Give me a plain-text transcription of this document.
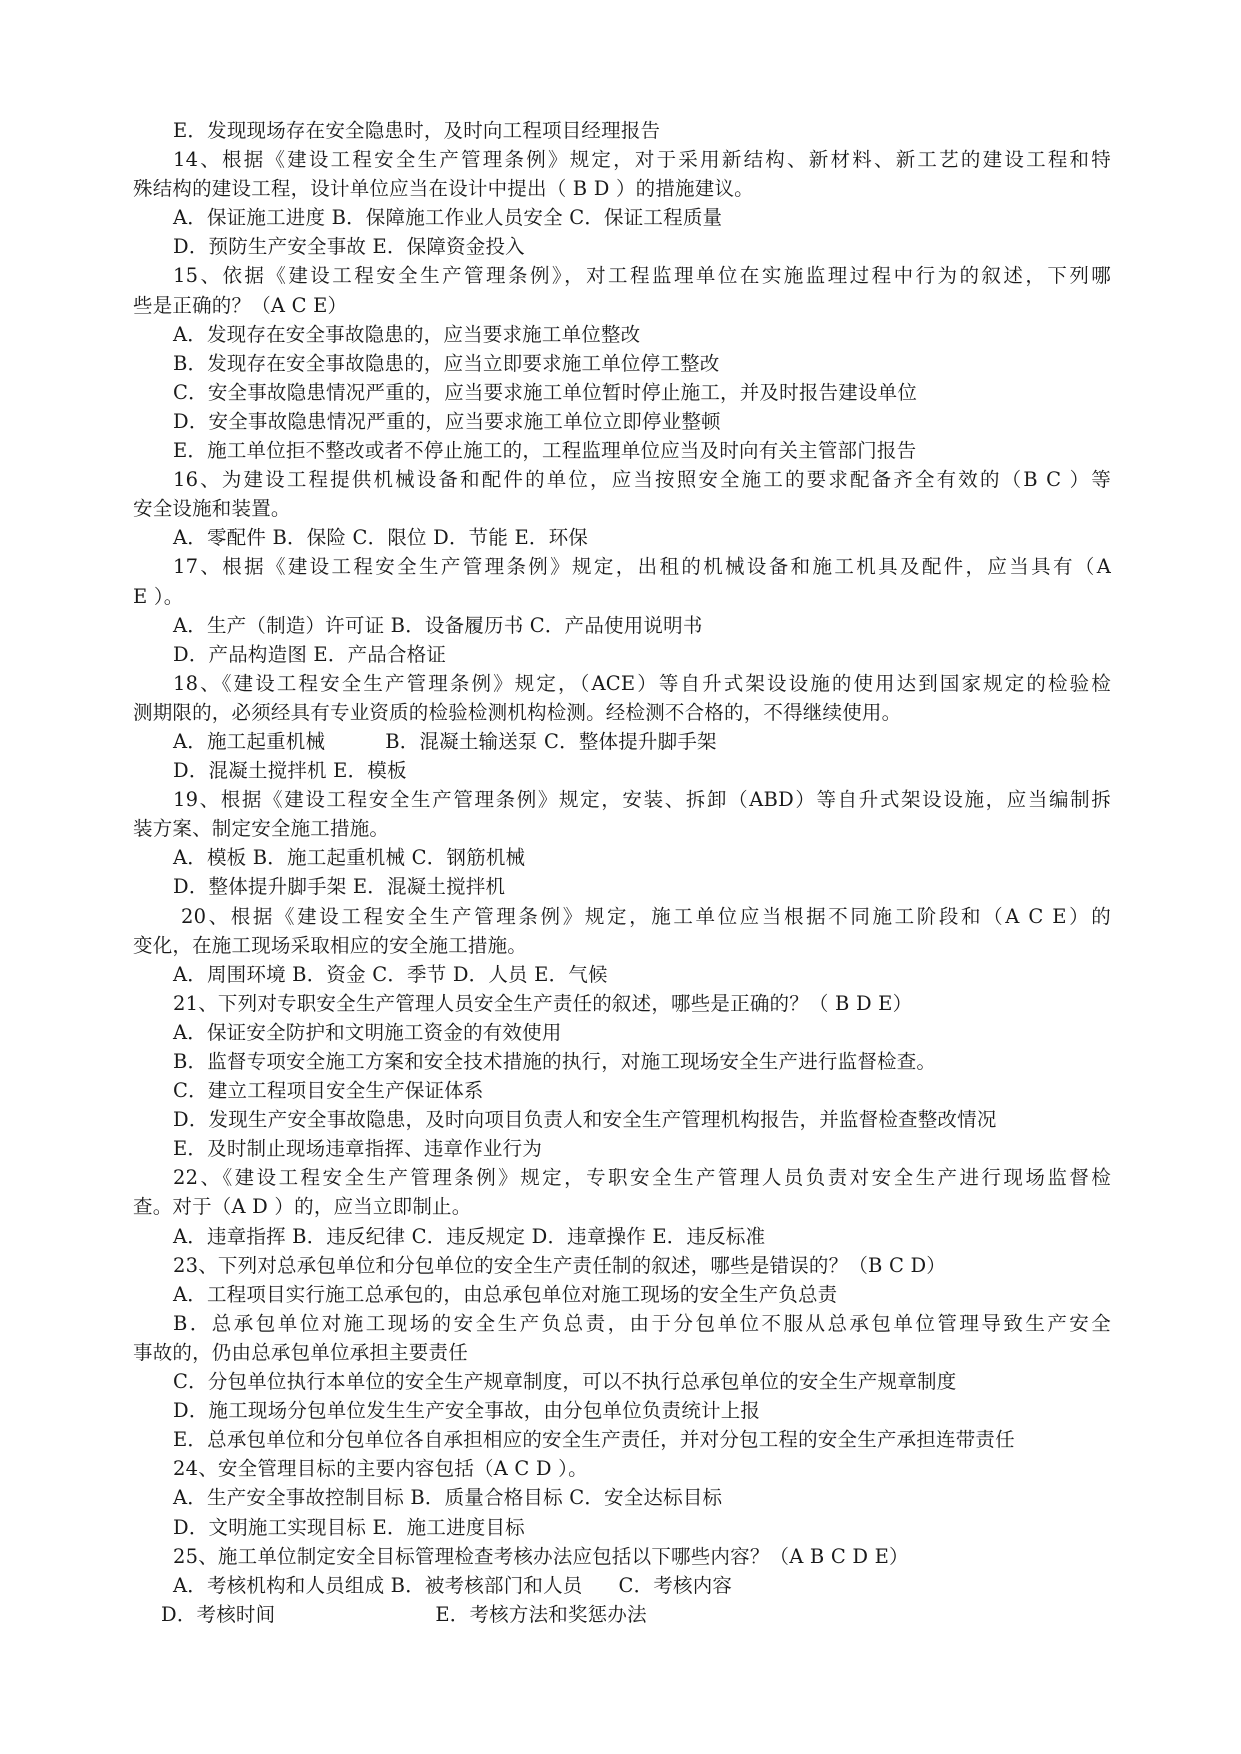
E．发现现场存在安全隐患时，及时向工程项目经理报告
14、根据《建设工程安全生产管理条例》规定，对于采用新结构、新材料、新工艺的建设工程和特
殊结构的建设工程，设计单位应当在设计中提出（ B D ）的措施建议。
A．保证施工进度 B．保障施工作业人员安全 C．保证工程质量
D．预防生产安全事故 E．保障资金投入
15、依据《建设工程安全生产管理条例》，对工程监理单位在实施监理过程中行为的叙述，下列哪
些是正确的？（A C E）
A．发现存在安全事故隐患的，应当要求施工单位整改
B．发现存在安全事故隐患的，应当立即要求施工单位停工整改
C．安全事故隐患情况严重的，应当要求施工单位暂时停止施工，并及时报告建设单位
D．安全事故隐患情况严重的，应当要求施工单位立即停业整顿
E．施工单位拒不整改或者不停止施工的，工程监理单位应当及时向有关主管部门报告
16、为建设工程提供机械设备和配件的单位，应当按照安全施工的要求配备齐全有效的（B C ）等
安全设施和装置。
A．零配件 B．保险 C．限位 D．节能 E．环保
17、根据《建设工程安全生产管理条例》规定，出租的机械设备和施工机具及配件，应当具有（A
E ）。
A．生产（制造）许可证 B．设备履历书 C．产品使用说明书
D．产品构造图 E．产品合格证
18、《建设工程安全生产管理条例》规定，（ACE）等自升式架设设施的使用达到国家规定的检验检
测期限的，必须经具有专业资质的检验检测机构检测。经检测不合格的，不得继续使用。
A．施工起重机械	B．混凝土输送泵 C．整体提升脚手架
D．混凝土搅拌机 E．模板
19、根据《建设工程安全生产管理条例》规定，安装、拆卸（ABD）等自升式架设设施，应当编制拆
装方案、制定安全施工措施。
A．模板 B．施工起重机械 C．钢筋机械
D．整体提升脚手架 E．混凝土搅拌机
20、根据《建设工程安全生产管理条例》规定，施工单位应当根据不同施工阶段和（A C E）的
变化，在施工现场采取相应的安全施工措施。
A．周围环境 B．资金 C．季节 D．人员 E．气候
21、下列对专职安全生产管理人员安全生产责任的叙述，哪些是正确的？（ B D E）
A．保证安全防护和文明施工资金的有效使用
B．监督专项安全施工方案和安全技术措施的执行，对施工现场安全生产进行监督检查。
C．建立工程项目安全生产保证体系
D．发现生产安全事故隐患，及时向项目负责人和安全生产管理机构报告，并监督检查整改情况
E．及时制止现场违章指挥、违章作业行为
22、《建设工程安全生产管理条例》规定，专职安全生产管理人员负责对安全生产进行现场监督检
查。对于（A D ）的，应当立即制止。
A．违章指挥 B．违反纪律 C．违反规定 D．违章操作 E．违反标准
23、下列对总承包单位和分包单位的安全生产责任制的叙述，哪些是错误的？（B C D）
A．工程项目实行施工总承包的，由总承包单位对施工现场的安全生产负总责
B．总承包单位对施工现场的安全生产负总责，由于分包单位不服从总承包单位管理导致生产安全
事故的，仍由总承包单位承担主要责任
C．分包单位执行本单位的安全生产规章制度，可以不执行总承包单位的安全生产规章制度
D．施工现场分包单位发生生产安全事故，由分包单位负责统计上报
E．总承包单位和分包单位各自承担相应的安全生产责任，并对分包工程的安全生产承担连带责任
24、安全管理目标的主要内容包括（A C D ）。
A．生产安全事故控制目标 B．质量合格目标 C．安全达标目标
D．文明施工实现目标 E．施工进度目标
25、施工单位制定安全目标管理检查考核办法应包括以下哪些内容？（A B C D E）
A．考核机构和人员组成 B．被考核部门和人员 C．考核内容
D．考核时间	E．考核方法和奖惩办法
